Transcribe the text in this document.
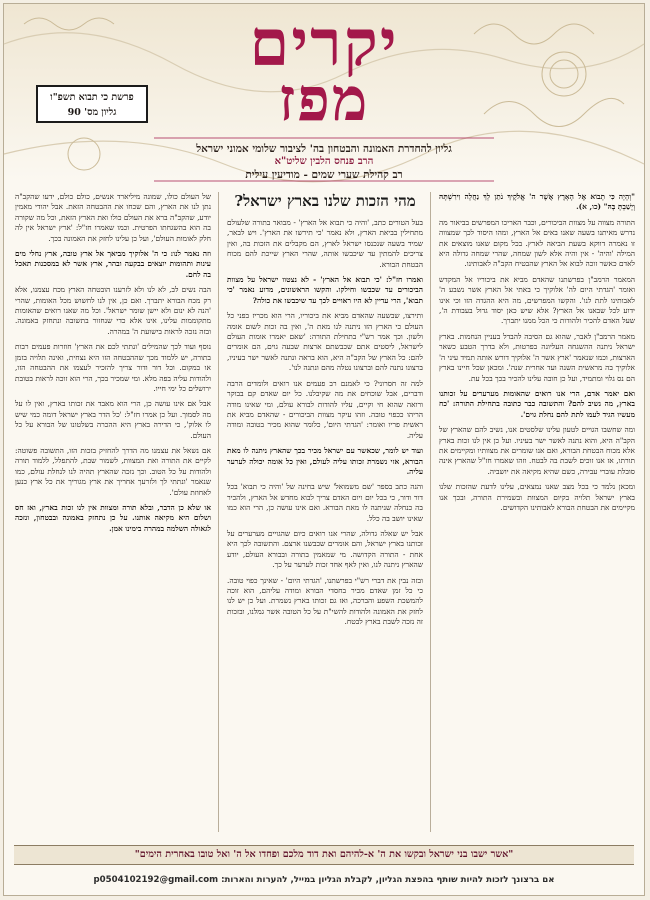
יקרים
מפז
גליון להחדרת האמונה והבטחון בה' לציבור שלומי אמוני ישראל
הרב פנחס הלבין שליט"א
רב קהילת שערי שמים - מודיעין עילית
פרשת כי תבוא תשפ"ו
גליון מס' 90

"וְהָיָה כִּי תָבוֹא אֶל הָאָרֶץ אֲשֶׁר ה' אֱלֹקֶיךָ נֹתֵן לְךָ נַחֲלָה וִירִשְׁתָּהּ וְיָשַׁבְתָּ בָּהּ" (כו, א).

התורה מצווה על מצוות הביכורים, וכבר האריכו המפרשים בביאור מה נדרש מאיתנו בשעה שאנו באים אל הארץ, ומהו היסוד לכך שמצווה זו נאמרה דווקא בשעת הביאה לארץ. בכל מקום שאנו מוצאים את המילה 'והיה' - אין והיה אלא לשון שמחה, שהרי שמחה גדולה היא לאדם כאשר זוכה לבוא אל הארץ שהבטיח הקב"ה לאבותינו.

המאמר הרמב"ן בפרשתנו שהאדם מביא את ביכוריו אל המקדש ואומר 'הגדתי היום לה' אלוקיך כי באתי אל הארץ אשר נשבע ה' לאבותינו לתת לנו'. והקשו המפרשים, מה היא ההגדה הזו וכי אינו ידוע לכל שבאנו אל הארץ? אלא שיש כאן יסוד גדול בעבודת ה', שעל האדם להכיר ולהודות כי הכל ממנו יתברך.

מאמר הרמב"ן לאבר, שהוא גם הסיבה להבדל בעניין הנחמות. בארץ ישראל ניתנה ההשגחה העליונה בפרטות, ולא בדרך הטבע כשאר הארצות, וכמו שנאמר 'ארץ אשר ה' אלוקיך דורש אותה תמיד עיני ה' אלוקיך בה מראשית השנה ועד אחרית שנה'. ומכאן שכל חיינו בארץ הם נס גלוי ומתמיד, ועל כן חובה עלינו להכיר בכך בכל עת.

ואם יאמר אדם, הרי אנו רואים שהאומות מערערים על זכותנו בארץ, מה נשיב להם? והתשובה כבר כתובה בתחילת התורה: 'כח מעשיו הגיד לעמו לתת להם נחלת גוים'.

ומה שחשבו הגויים לטעון עלינו שלסטים אנו, נשיב להם שהארץ של הקב"ה היא, והוא נתנה לאשר ישר בעיניו. ועל כן אין לנו זכות בארץ אלא מכוח הבטחת הבורא, ואם אנו שומרים את מצוותיו ומקיימים את תורתו, אז אנו זוכים לשבת בה לבטח. וזהו שאמרו חז"ל שהארץ אינה סובלת עוברי עבירה, כשם שהיא מקיאה את יושביה.

ומכאן נלמד כי בכל מצב שאנו נמצאים, עלינו לדעת שהזכות שלנו בארץ ישראל תלויה בקיום המצוות ובשמירת התורה, ובכך אנו מקיימים את הבטחת הבורא לאבותינו הקדושים.

מהי הזכות שלנו בארץ ישראל?

בעל הטורים כתב, 'והיה כי תבוא אל הארץ' - מבואר בתורה שלעולם מתחילין בביאת הארץ, ולא נאמר 'כי תירשו את הארץ'. ויש לבאר, שמיד בשעה שנכנסו ישראל לארץ, הם מקבלים את הזכות בה, ואין צריכים להמתין עד שיכבשו אותה, שהרי הארץ שייכת להם מכוח הבטחת הבורא.

ואמרו חז"ל: 'כי תבוא אל הארץ' - לא נצטוו ישראל על מצוות הביכורים עד שכבשו וחילקו. והקשו הראשונים, מדוע נאמר 'כי תבוא', הרי עדיין לא היו ראויים לכך עד שיכבשו את כולה?

ותירצו, שבשעה שהאדם מביא את ביכוריו, הרי הוא מכריז בפני כל העולם כי הארץ הזו ניתנה לנו מאת ה', ואין בה זכות לשום אומה ולשון. וכך אמר רש"י בתחילת התורה: 'שאם יאמרו אומות העולם לישראל, ליסטים אתם שכבשתם ארצות שבעה גוים, הם אומרים להם: כל הארץ של הקב"ה היא, הוא בראה ונתנה לאשר ישר בעיניו, ברצונו נתנה להם וברצונו נטלה מהם ונתנה לנו'.

למה זה חסרוני? כי לאמנם רב פעמים אנו רואים ולומדים הרבה ודברים, אבל שוכחים את מה שקיבלנו. כל יום שאדם קם בבוקר ורואה שהוא חי וקיים, עליו להודות לבורא עולם, ומי שאינו מודה הריהו ככפוי טובה. וזהו עיקר מצוות הביכורים - שהאדם מביא את ראשית פריו ואומר: 'הגדתי היום', כלומר שהוא מכיר בטובה ומודה עליה.

ועוד יש לומר, שכאשר עם ישראל מכיר בכך שהארץ ניתנה לו מאת הבורא, אזי נשמרת זכותו עליה לעולם, ואין כל אומה יכולה לערער עליה.

והנה כתב בספר 'שם משמואל' שיש בחינה של 'והיה כי תבוא' בכל דור ודור, כי בכל יום ויום האדם צריך לבוא מחדש אל הארץ, ולהכיר בה כנחלה שניתנה לו מאת הבורא. ואם אינו עושה כן, הרי הוא כמו שאינו יושב בה כלל.

אבל יש שאלה גדולה, שהרי אנו רואים כיום שהגויים מערערים על זכותנו בארץ ישראל, והם אומרים שכבשנו ארצם. והתשובה לכך היא אחת - התורה הקדושה. מי שמאמין בתורה ובבורא העולם, יודע שהארץ ניתנה לנו, ואין לאף אחד זכות לערער על כך.

ובזה נבין את דברי רש"י בפרשתנו, 'הגדתי היום' - שאינך כפוי טובה. כי כל זמן שאדם מכיר בחסדי הבורא ומודה עליהם, הוא זוכה להמשכת השפע והברכה, ואז גם זכותו בארץ נשמרת. ועל כן יש לנו לחזק את האמונה ולהודות להשי"ת על כל הטובה אשר גמלנו, ובזכות זה נזכה לשבת בארץ לבטח.

של העולם כולו, שמונה מיליארד אנשים, כולם כולם, ידעו שהקב"ה נתן לנו את הארץ, והם שכחו את ההבטחה הזאת. אבל יהודי מאמין יודע, שהקב"ה ברא את העולם כולו ואת הארץ הזאת, וכל מה שקורה בה הוא בהשגחתו הפרטית. וכמו שאמרו חז"ל: 'ארץ ישראל אין לה חלק לאומות העולם', ועל כן עלינו לחזק את האמונה בכך.

וזה נאמר לנו: כי ה' אלוקיך מביאך אל ארץ טובה, ארץ נחלי מים עינות ותהומות יוצאים בבקעה ובהר, ארץ אשר לא במסכנות תאכל בה לחם.

הבה נשים לב, לא לנו ולא לזרענו הובטחה הארץ מכח עצמנו, אלא רק מכח הבורא יתברך. ואם כן, אין לנו לחשוש מכל האומות, שהרי 'הנה לא ינום ולא יישן שומר ישראל'. וכל מה שאנו רואים שהאומות מתקוממות עלינו, אינו אלא כדי שנחזור בתשובה ונתחזק באמונה. ובזה נזכה לראות בישועת ה' במהרה.

נוסף ועוד לכך שהמילים 'ונתתי לכם את הארץ' חוזרות פעמים רבות בתורה, יש ללמוד מכך שההבטחה הזו היא נצחית, ואינה תלויה בזמן או במקום. וכל דור ודור צריך להזכיר לעצמו את ההבטחה הזו, ולהודות עליה בפה מלא. ומי שמכיר בכך, הרי הוא זוכה לראות בטובת ירושלים כל ימי חייו.

אבל אם אינו עושה כן, הרי הוא מאבד את זכותו בארץ, ואין לו על מה לסמוך. ועל כן אמרו חז"ל: 'כל הדר בארץ ישראל דומה כמי שיש לו אלוק', כי הדירה בארץ היא ההכרה בשלטונו של הבורא על כל העולם.

אם נשאל את עצמנו מה הדרך להחזיק בזכות הזו, התשובה פשוטה: לקיים את התורה ואת המצוות, לשמור שבת, להתפלל, ללמוד תורה ולהודות על כל הטוב. וכך נזכה שהארץ תהיה לנו לנחלת עולם, כמו שנאמר 'ונתתי לך ולזרעך אחריך את ארץ מגוריך את כל ארץ כנען לאחוזת עולם'.

או שלא כן הדבר, ובלא תורה ומצוות אין לנו זכות בארץ, ואז חס ושלום היא מקיאה אותנו. על כן נתחזק באמונה ובבטחון, ונזכה לגאולה השלמה במהרה בימינו אמן.

"אשר ישבו בני ישראל ובקשו את ה' א-להיהם ואת דוד מלכם ופחדו אל ה' ואל טובו באחרית הימים"
אם ברצונך לזכות להיות שותף בהפצת הגליון, לקבלת הגליון במייל, להערות והארות: p0504102192@gmail.com
